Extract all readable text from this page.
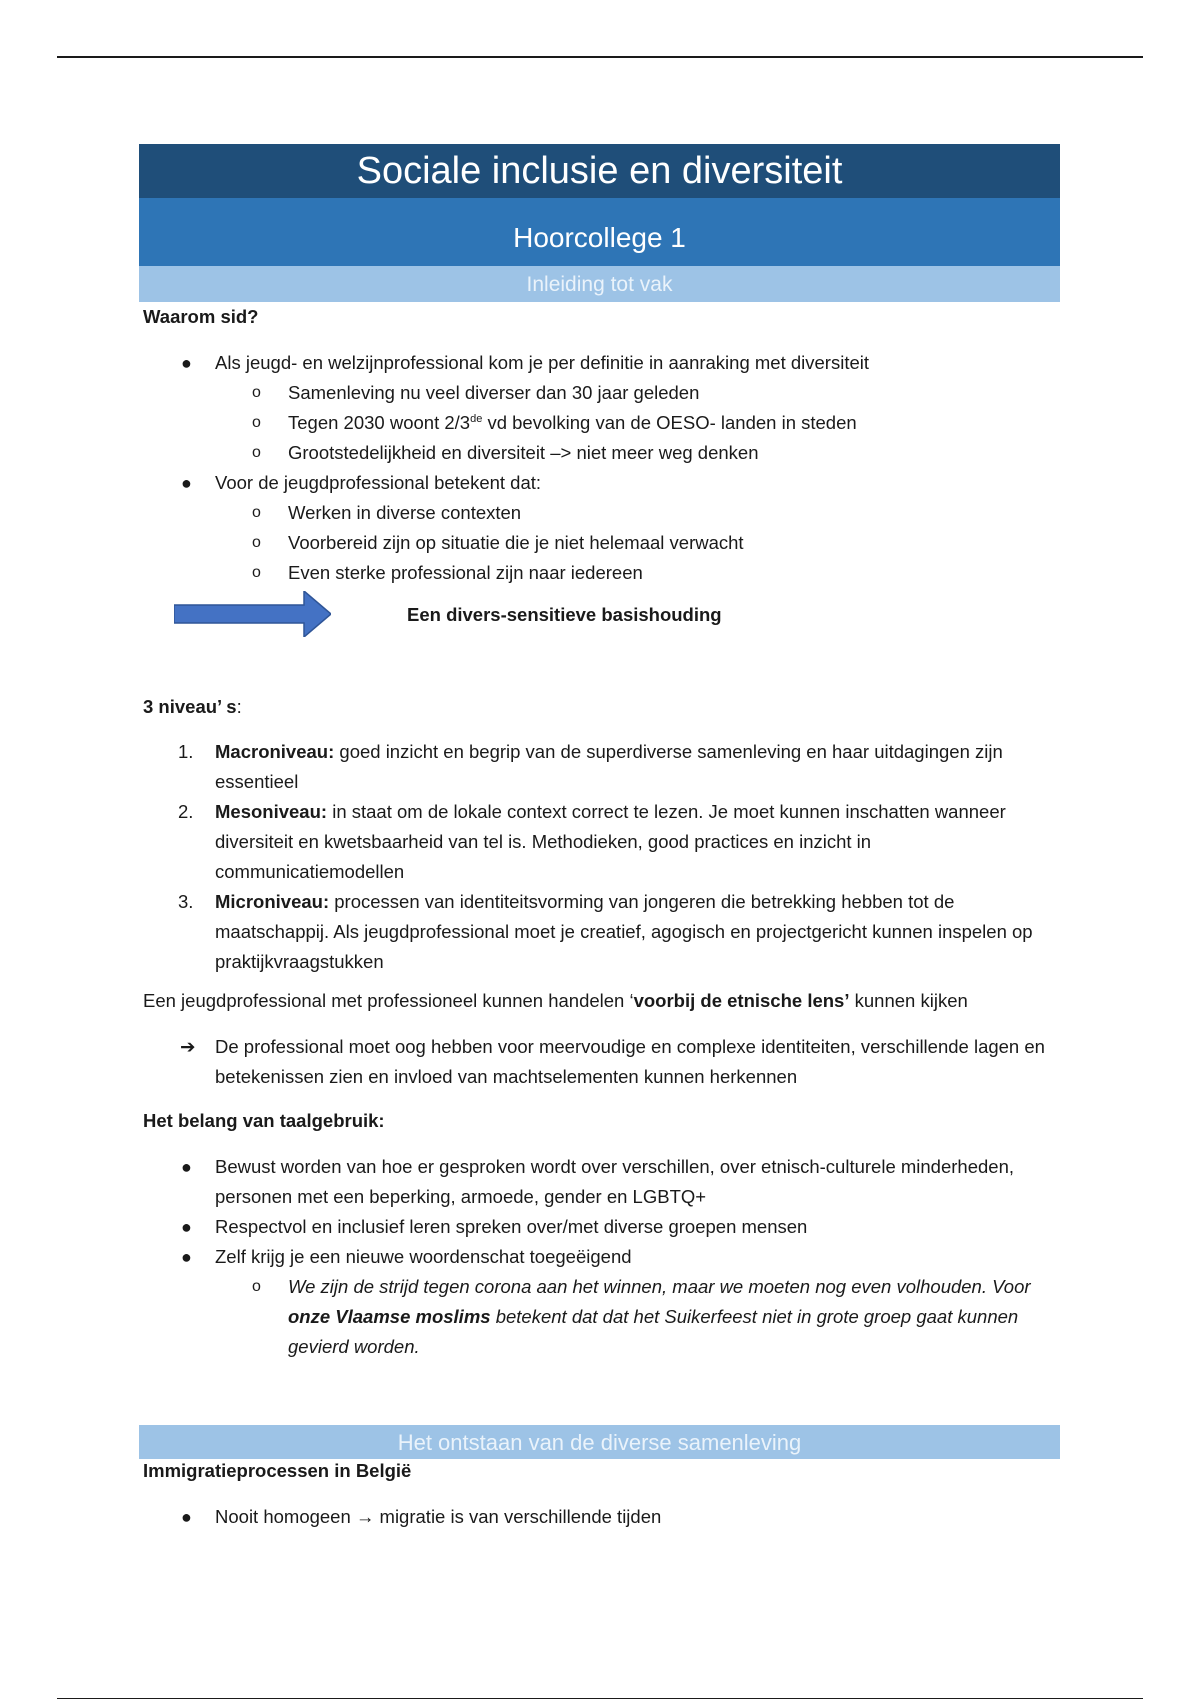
Sociale inclusie en diversiteit
Hoorcollege 1
Inleiding tot vak

Waarom sid?

● Als jeugd- en welzijnprofessional kom je per definitie in aanraking met diversiteit
o Samenleving nu veel diverser dan 30 jaar geleden
o Tegen 2030 woont 2/3de vd bevolking van de OESO- landen in steden
o Grootstedelijkheid en diversiteit –> niet meer weg denken
● Voor de jeugdprofessional betekent dat:
o Werken in diverse contexten
o Voorbereid zijn op situatie die je niet helemaal verwacht
o Even sterke professional zijn naar iedereen
Een divers-sensitieve basishouding

3 niveau’ s

:
1. Macroniveau: goed inzicht en begrip van de superdiverse samenleving en haar uitdagingen zijn essentieel
2. Mesoniveau: in staat om de lokale context correct te lezen. Je moet kunnen inschatten wanneer diversiteit en kwetsbaarheid van tel is. Methodieken, good practices en inzicht in communicatiemodellen
3. Microniveau: processen van identiteitsvorming van jongeren die betrekking hebben tot de maatschappij. Als jeugdprofessional moet je creatief, agogisch en projectgericht kunnen inspelen op praktijkvraagstukken
Een jeugdprofessional met professioneel kunnen handelen ‘voorbij de etnische lens’ kunnen kijken
➔ De professional moet oog hebben voor meervoudige en complexe identiteiten, verschillende lagen en betekenissen zien en invloed van machtselementen kunnen herkennen

Het belang van taalgebruik:

● Bewust worden van hoe er gesproken wordt over verschillen, over etnisch-culturele minderheden, personen met een beperking, armoede, gender en LGBTQ+
● Respectvol en inclusief leren spreken over/met diverse groepen mensen
● Zelf krijg je een nieuwe woordenschat toegeëigend
o We zijn de strijd tegen corona aan het winnen, maar we moeten nog even volhouden. Voor onze Vlaamse moslims betekent dat dat het Suikerfeest niet in grote groep gaat kunnen gevierd worden.
Het ontstaan van de diverse samenleving

Immigratieprocessen in België

● Nooit homogeen → migratie is van verschillende tijden
